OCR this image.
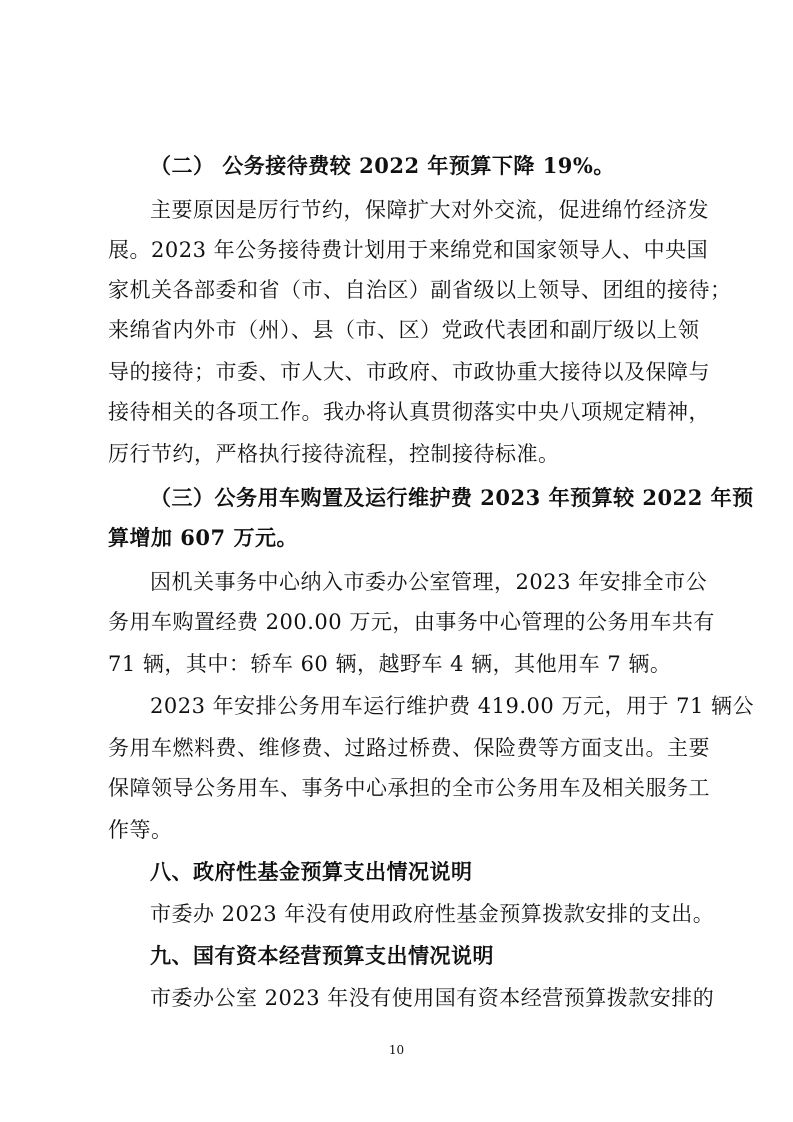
（二） 公务接待费较 2022 年预算下降 19%。
主要原因是厉行节约，保障扩大对外交流，促进绵竹经济发
展。2023 年公务接待费计划用于来绵党和国家领导人、中央国
家机关各部委和省（市、自治区）副省级以上领导、团组的接待；
来绵省内外市（州）、县（市、区）党政代表团和副厅级以上领
导的接待；市委、市人大、市政府、市政协重大接待以及保障与
接待相关的各项工作。我办将认真贯彻落实中央八项规定精神，
厉行节约，严格执行接待流程，控制接待标准。
（三）公务用车购置及运行维护费 2023 年预算较 2022 年预
算增加 607 万元。
因机关事务中心纳入市委办公室管理，2023 年安排全市公
务用车购置经费 200.00 万元，由事务中心管理的公务用车共有
71 辆，其中：轿车 60 辆，越野车 4 辆，其他用车 7 辆。
2023 年安排公务用车运行维护费 419.00 万元，用于 71 辆公
务用车燃料费、维修费、过路过桥费、保险费等方面支出。主要
保障领导公务用车、事务中心承担的全市公务用车及相关服务工
作等。
八、政府性基金预算支出情况说明
市委办 2023 年没有使用政府性基金预算拨款安排的支出。
九、国有资本经营预算支出情况说明
市委办公室 2023 年没有使用国有资本经营预算拨款安排的
10
